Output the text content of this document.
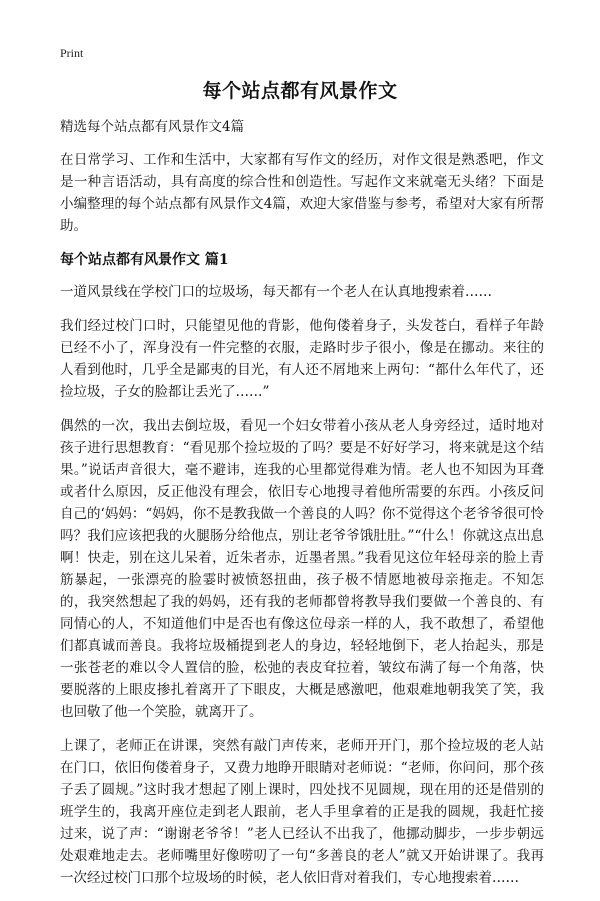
Print
每个站点都有风景作文

精选每个站点都有风景作文4篇

在日常学习、工作和生活中，大家都有写作文的经历，对作文很是熟悉吧，作文是一种言语活动，具有高度的综合性和创造性。写起作文来就毫无头绪？下面是小编整理的每个站点都有风景作文4篇，欢迎大家借鉴与参考，希望对大家有所帮助。

每个站点都有风景作文 篇1

一道风景线在学校门口的垃圾场，每天都有一个老人在认真地搜索着……

我们经过校门口时，只能望见他的背影，他佝偻着身子，头发苍白，看样子年龄已经不小了，浑身没有一件完整的衣服，走路时步子很小，像是在挪动。来往的人看到他时，几乎全是鄙夷的目光，有人还不屑地来上两句：“都什么年代了，还捡垃圾，子女的脸都让丢光了……”

偶然的一次，我出去倒垃圾，看见一个妇女带着小孩从老人身旁经过，适时地对孩子进行思想教育：“看见那个捡垃圾的了吗？要是不好好学习，将来就是这个结果。”说话声音很大，毫不避讳，连我的心里都觉得难为情。老人也不知因为耳聋或者什么原因，反正他没有理会，依旧专心地搜寻着他所需要的东西。小孩反问自己的‘妈妈：“妈妈，你不是教我做一个善良的人吗？你不觉得这个老爷爷很可怜吗？我们应该把我的火腿肠分给他点，别让老爷爷饿肚肚。”“什么！你就这点出息啊！快走，别在这儿呆着，近朱者赤，近墨者黑。”我看见这位年轻母亲的脸上青筋暴起，一张漂亮的脸霎时被愤怒扭曲，孩子极不情愿地被母亲拖走。不知怎的，我突然想起了我的妈妈，还有我的老师都曾将教导我们要做一个善良的、有同情心的人，不知道他们中是否也有像这位母亲一样的人，我不敢想了，希望他们都真诚而善良。我将垃圾桶提到老人的身边，轻轻地倒下，老人抬起头，那是一张苍老的难以令人置信的脸，松弛的表皮耷拉着，皱纹布满了每一个角落，快要脱落的上眼皮掺扎着离开了下眼皮，大概是感激吧，他艰难地朝我笑了笑，我也回敬了他一个笑脸，就离开了。

上课了，老师正在讲课，突然有敲门声传来，老师开开门，那个捡垃圾的老人站在门口，依旧佝偻着身子，又费力地睁开眼睛对老师说：“老师，你问问，那个孩子丢了圆规。”这时我才想起了刚上课时，四处找不见圆规，现在用的还是借别的班学生的，我离开座位走到老人跟前，老人手里拿着的正是我的圆规，我赶忙接过来，说了声：“谢谢老爷爷！”老人已经认不出我了，他挪动脚步，一步步朝远处艰难地走去。老师嘴里好像唠叨了一句“多善良的老人”就又开始讲课了。我再一次经过校门口那个垃圾场的时候，老人依旧背对着我们，专心地搜索着……
